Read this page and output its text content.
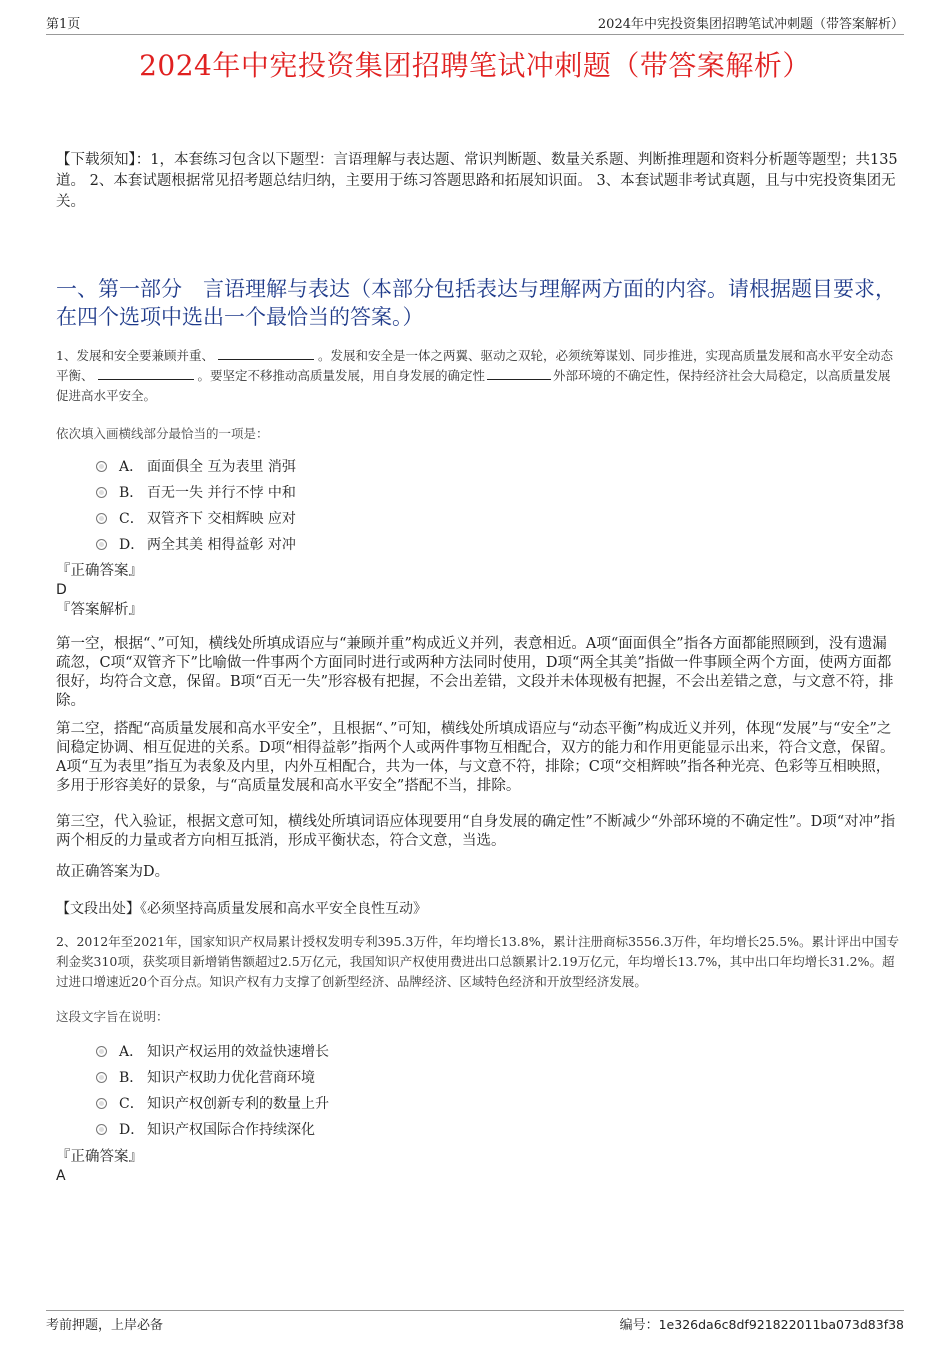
第1页	2024年中宪投资集团招聘笔试冲刺题（带答案解析）
2024年中宪投资集团招聘笔试冲刺题（带答案解析）
【下载须知】：1，本套练习包含以下题型：言语理解与表达题、常识判断题、数量关系题、判断推理题和资料分析题等题型；共135道。 2、本套试题根据常见招考题总结归纳，主要用于练习答题思路和拓展知识面。 3、本套试题非考试真题，且与中宪投资集团无关。
一、第一部分　言语理解与表达（本部分包括表达与理解两方面的内容。请根据题目要求，在四个选项中选出一个最恰当的答案。）
1、发展和安全要兼顾并重、	。发展和安全是一体之两翼、驱动之双轮，必须统筹谋划、同步推进，实现高质量发展和高水平安全动态平衡、	。要坚定不移推动高质量发展，用自身发展的确定性	外部环境的不确定性，保持经济社会大局稳定，以高质量发展促进高水平安全。
依次填入画横线部分最恰当的一项是：
A． 面面俱全 互为表里 消弭
B． 百无一失 并行不悖 中和
C． 双管齐下 交相辉映 应对
D． 两全其美 相得益彰 对冲
『正确答案』
D
『答案解析』

第一空，根据“、”可知，横线处所填成语应与“兼顾并重”构成近义并列，表意相近。A项“面面俱全”指各方面都能照顾到，没有遗漏疏忽，C项“双管齐下”比喻做一件事两个方面同时进行或两种方法同时使用，D项“两全其美”指做一件事顾全两个方面，使两方面都很好，均符合文意，保留。B项“百无一失”形容极有把握，不会出差错，文段并未体现极有把握，不会出差错之意，与文意不符，排除。

第二空，搭配“高质量发展和高水平安全”，且根据“、”可知，横线处所填成语应与“动态平衡”构成近义并列，体现“发展”与“安全”之间稳定协调、相互促进的关系。D项“相得益彰”指两个人或两件事物互相配合，双方的能力和作用更能显示出来，符合文意，保留。A项“互为表里”指互为表象及内里，内外互相配合，共为一体，与文意不符，排除；C项“交相辉映”指各种光亮、色彩等互相映照，多用于形容美好的景象，与“高质量发展和高水平安全”搭配不当，排除。

第三空，代入验证，根据文意可知，横线处所填词语应体现要用“自身发展的确定性”不断减少“外部环境的不确定性”。D项“对冲”指两个相反的力量或者方向相互抵消，形成平衡状态，符合文意，当选。

故正确答案为D。

【文段出处】《必须坚持高质量发展和高水平安全良性互动》
2、2012年至2021年，国家知识产权局累计授权发明专利395.3万件，年均增长13.8%，累计注册商标3556.3万件，年均增长25.5%。累计评出中国专利金奖310项，获奖项目新增销售额超过2.5万亿元，我国知识产权使用费进出口总额累计2.19万亿元，年均增长13.7%，其中出口年均增长31.2%。超过进口增速近20个百分点。知识产权有力支撑了创新型经济、品牌经济、区域特色经济和开放型经济发展。
这段文字旨在说明：
A． 知识产权运用的效益快速增长
B． 知识产权助力优化营商环境
C． 知识产权创新专利的数量上升
D． 知识产权国际合作持续深化
『正确答案』
A
考前押题，上岸必备	编号：1e326da6c8df921822011ba073d83f38
